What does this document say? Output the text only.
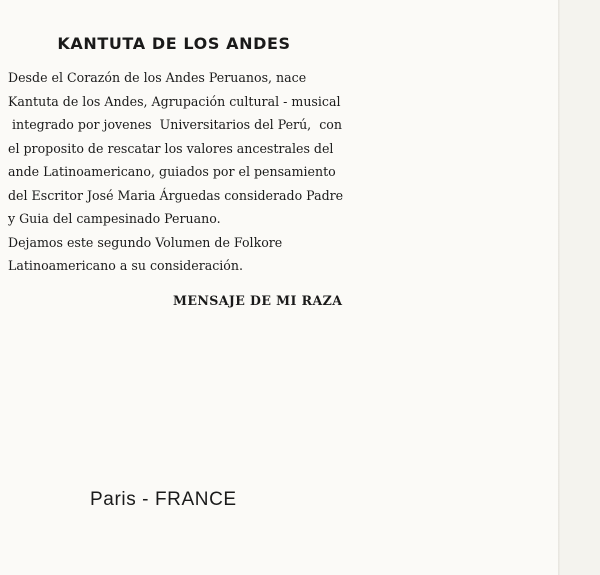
KANTUTA DE LOS ANDES
Desde el Corazón de los Andes Peruanos, nace
Kantuta de los Andes, Agrupación cultural - musical
integrado por jovenes  Universitarios del Perú,  con
el proposito de rescatar los valores ancestrales del
ande Latinoamericano, guiados por el pensamiento
del Escritor José Maria Árguedas considerado Padre
y Guia del campesinado Peruano.
Dejamos este segundo Volumen de Folkore
Latinoamericano a su consideración.
MENSAJE DE MI RAZA
Paris - FRANCE
